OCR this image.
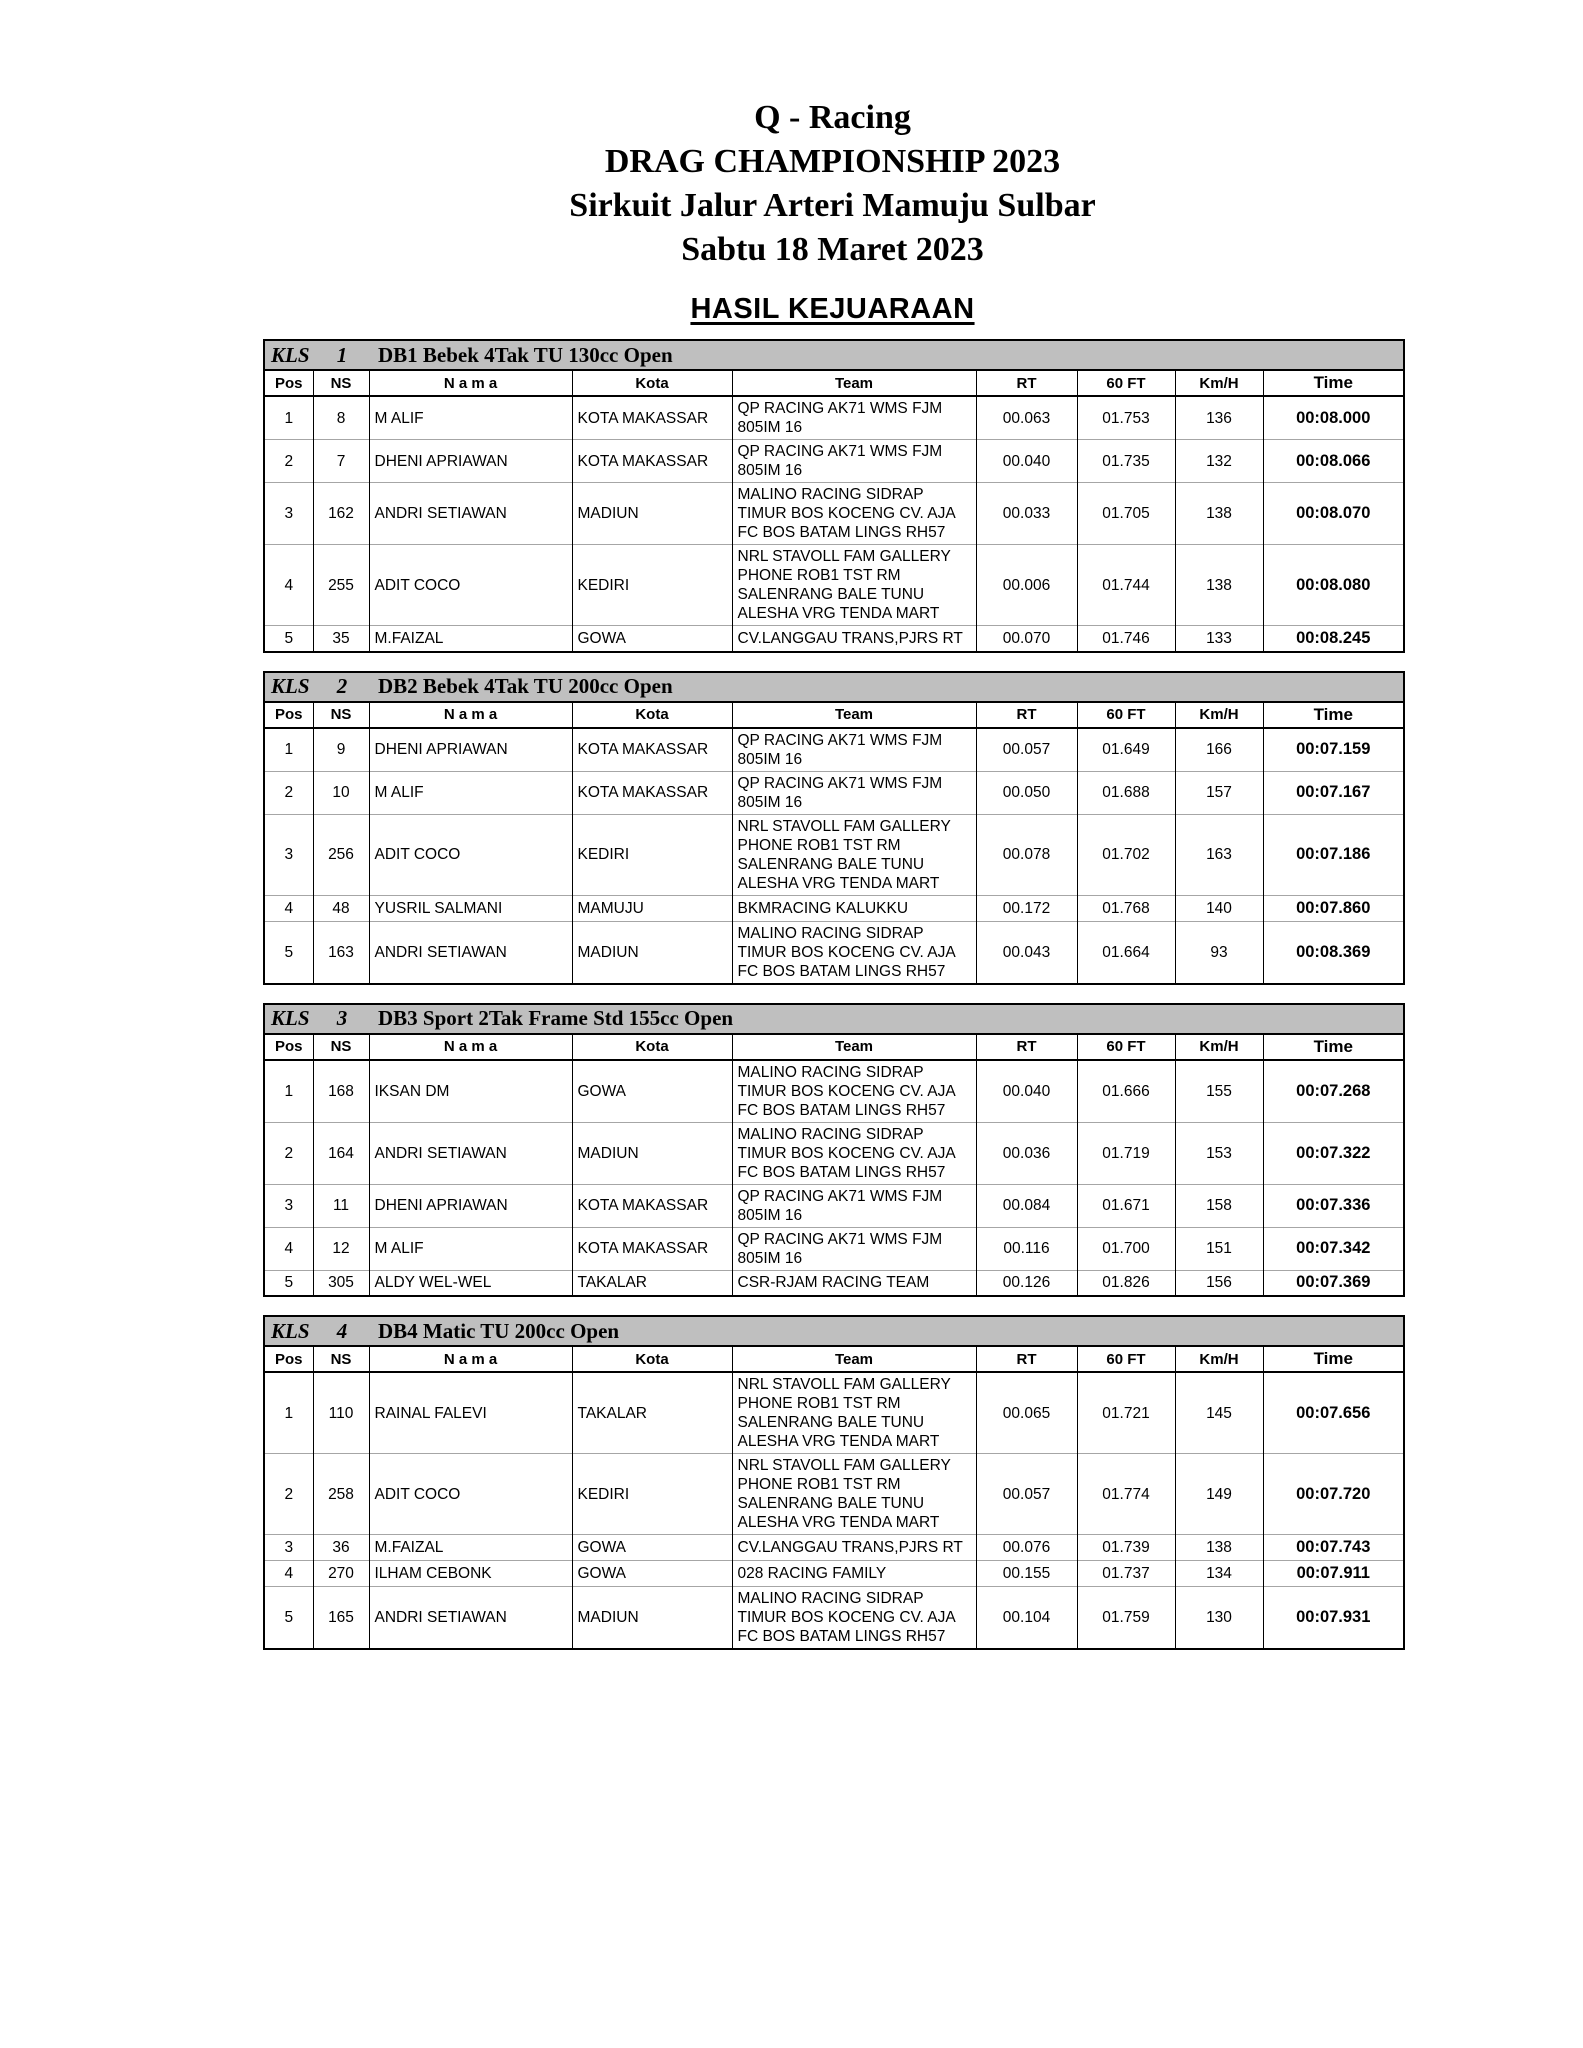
Q - Racing
DRAG CHAMPIONSHIP 2023
Sirkuit Jalur Arteri Mamuju Sulbar
Sabtu 18 Maret 2023
HASIL KEJUARAAN
KLS 1 DB1 Bebek 4Tak TU 130cc Open								

Pos	NS	N a m a	Kota	Team	RT	60 FT	Km/H	Time
1	8	M ALIF	KOTA MAKASSAR	QP RACING AK71 WMS FJM 805IM 16	00.063	01.753	136	00:08.000
2	7	DHENI APRIAWAN	KOTA MAKASSAR	QP RACING AK71 WMS FJM 805IM 16	00.040	01.735	132	00:08.066
3	162	ANDRI SETIAWAN	MADIUN	MALINO RACING SIDRAP TIMUR BOS KOCENG CV. AJA FC BOS BATAM LINGS RH57	00.033	01.705	138	00:08.070
4	255	ADIT COCO	KEDIRI	NRL STAVOLL FAM GALLERY PHONE ROB1 TST RM SALENRANG BALE TUNU ALESHA VRG TENDA MART	00.006	01.744	138	00:08.080
5	35	M.FAIZAL	GOWA	CV.LANGGAU TRANS,PJRS RT	00.070	01.746	133	00:08.245
KLS 2 DB2 Bebek 4Tak TU 200cc Open								

Pos	NS	N a m a	Kota	Team	RT	60 FT	Km/H	Time
1	9	DHENI APRIAWAN	KOTA MAKASSAR	QP RACING AK71 WMS FJM 805IM 16	00.057	01.649	166	00:07.159
2	10	M ALIF	KOTA MAKASSAR	QP RACING AK71 WMS FJM 805IM 16	00.050	01.688	157	00:07.167
3	256	ADIT COCO	KEDIRI	NRL STAVOLL FAM GALLERY PHONE ROB1 TST RM SALENRANG BALE TUNU ALESHA VRG TENDA MART	00.078	01.702	163	00:07.186
4	48	YUSRIL SALMANI	MAMUJU	BKMRACING KALUKKU	00.172	01.768	140	00:07.860
5	163	ANDRI SETIAWAN	MADIUN	MALINO RACING SIDRAP TIMUR BOS KOCENG CV. AJA FC BOS BATAM LINGS RH57	00.043	01.664	93	00:08.369
KLS 3 DB3 Sport 2Tak Frame Std 155cc Open								

Pos	NS	N a m a	Kota	Team	RT	60 FT	Km/H	Time
1	168	IKSAN DM	GOWA	MALINO RACING SIDRAP TIMUR BOS KOCENG CV. AJA FC BOS BATAM LINGS RH57	00.040	01.666	155	00:07.268
2	164	ANDRI SETIAWAN	MADIUN	MALINO RACING SIDRAP TIMUR BOS KOCENG CV. AJA FC BOS BATAM LINGS RH57	00.036	01.719	153	00:07.322
3	11	DHENI APRIAWAN	KOTA MAKASSAR	QP RACING AK71 WMS FJM 805IM 16	00.084	01.671	158	00:07.336
4	12	M ALIF	KOTA MAKASSAR	QP RACING AK71 WMS FJM 805IM 16	00.116	01.700	151	00:07.342
5	305	ALDY WEL-WEL	TAKALAR	CSR-RJAM RACING TEAM	00.126	01.826	156	00:07.369
KLS 4 DB4 Matic TU 200cc Open								

Pos	NS	N a m a	Kota	Team	RT	60 FT	Km/H	Time
1	110	RAINAL FALEVI	TAKALAR	NRL STAVOLL FAM GALLERY PHONE ROB1 TST RM SALENRANG BALE TUNU ALESHA VRG TENDA MART	00.065	01.721	145	00:07.656
2	258	ADIT COCO	KEDIRI	NRL STAVOLL FAM GALLERY PHONE ROB1 TST RM SALENRANG BALE TUNU ALESHA VRG TENDA MART	00.057	01.774	149	00:07.720
3	36	M.FAIZAL	GOWA	CV.LANGGAU TRANS,PJRS RT	00.076	01.739	138	00:07.743
4	270	ILHAM CEBONK	GOWA	028 RACING FAMILY	00.155	01.737	134	00:07.911
5	165	ANDRI SETIAWAN	MADIUN	MALINO RACING SIDRAP TIMUR BOS KOCENG CV. AJA FC BOS BATAM LINGS RH57	00.104	01.759	130	00:07.931
